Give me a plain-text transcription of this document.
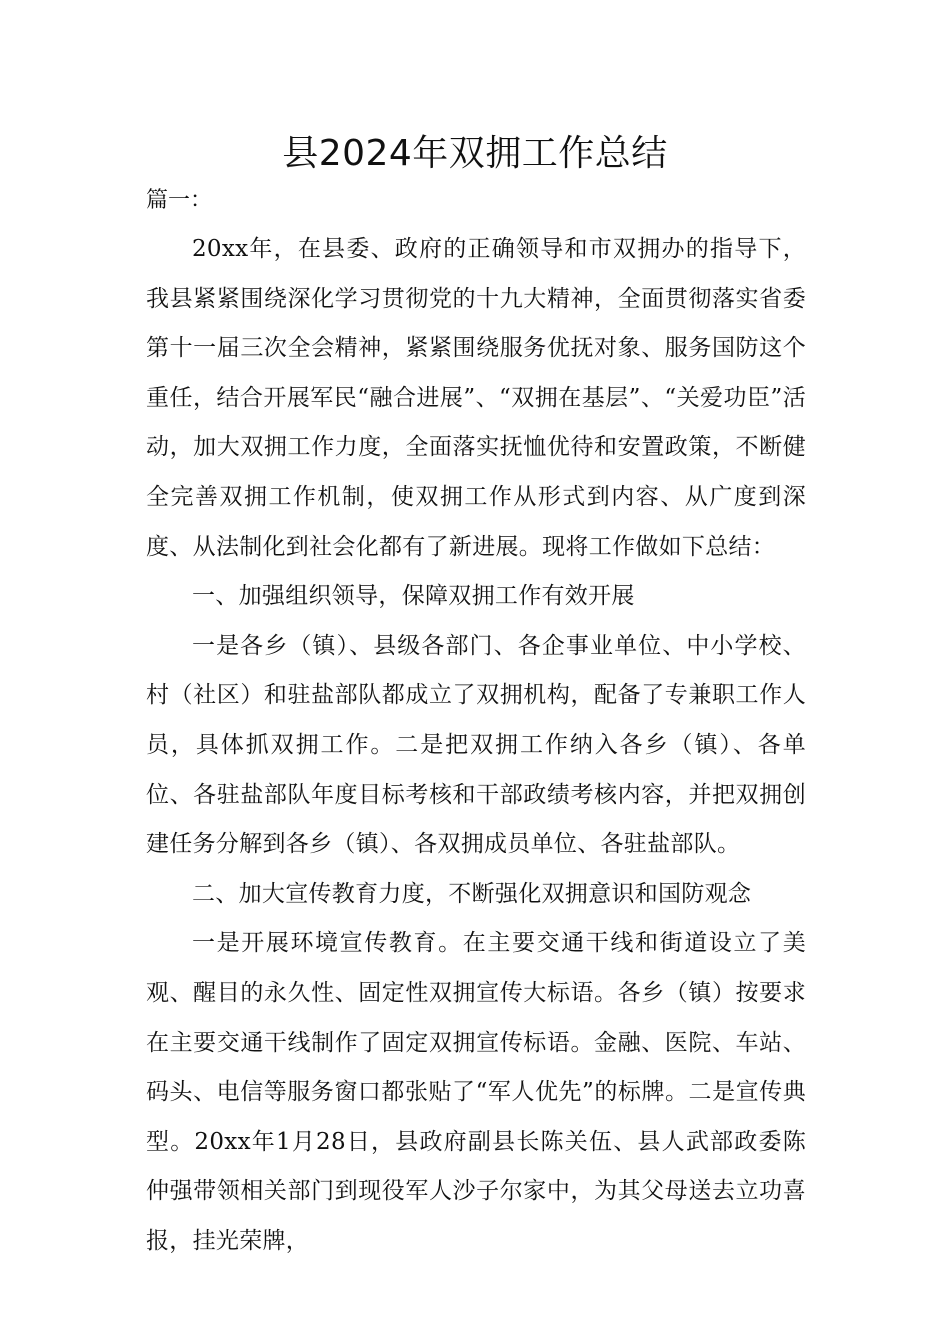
县2024年双拥工作总结

篇一：

20xx年，在县委、政府的正确领导和市双拥办的指导下，我县紧紧围绕深化学习贯彻党的十九大精神，全面贯彻落实省委第十一届三次全会精神，紧紧围绕服务优抚对象、服务国防这个重任，结合开展军民“融合进展”、“双拥在基层”、“关爱功臣”活动，加大双拥工作力度，全面落实抚恤优待和安置政策，不断健全完善双拥工作机制，使双拥工作从形式到内容、从广度到深度、从法制化到社会化都有了新进展。现将工作做如下总结：

一、加强组织领导，保障双拥工作有效开展

一是各乡（镇）、县级各部门、各企事业单位、中小学校、村（社区）和驻盐部队都成立了双拥机构，配备了专兼职工作人员，具体抓双拥工作。二是把双拥工作纳入各乡（镇）、各单位、各驻盐部队年度目标考核和干部政绩考核内容，并把双拥创建任务分解到各乡（镇）、各双拥成员单位、各驻盐部队。

二、加大宣传教育力度，不断强化双拥意识和国防观念

一是开展环境宣传教育。在主要交通干线和街道设立了美观、醒目的永久性、固定性双拥宣传大标语。各乡（镇）按要求在主要交通干线制作了固定双拥宣传标语。金融、医院、车站、码头、电信等服务窗口都张贴了“军人优先”的标牌。二是宣传典型。20xx年1月28日，县政府副县长陈关伍、县人武部政委陈仲强带领相关部门到现役军人沙子尔家中，为其父母送去立功喜报，挂光荣牌，
